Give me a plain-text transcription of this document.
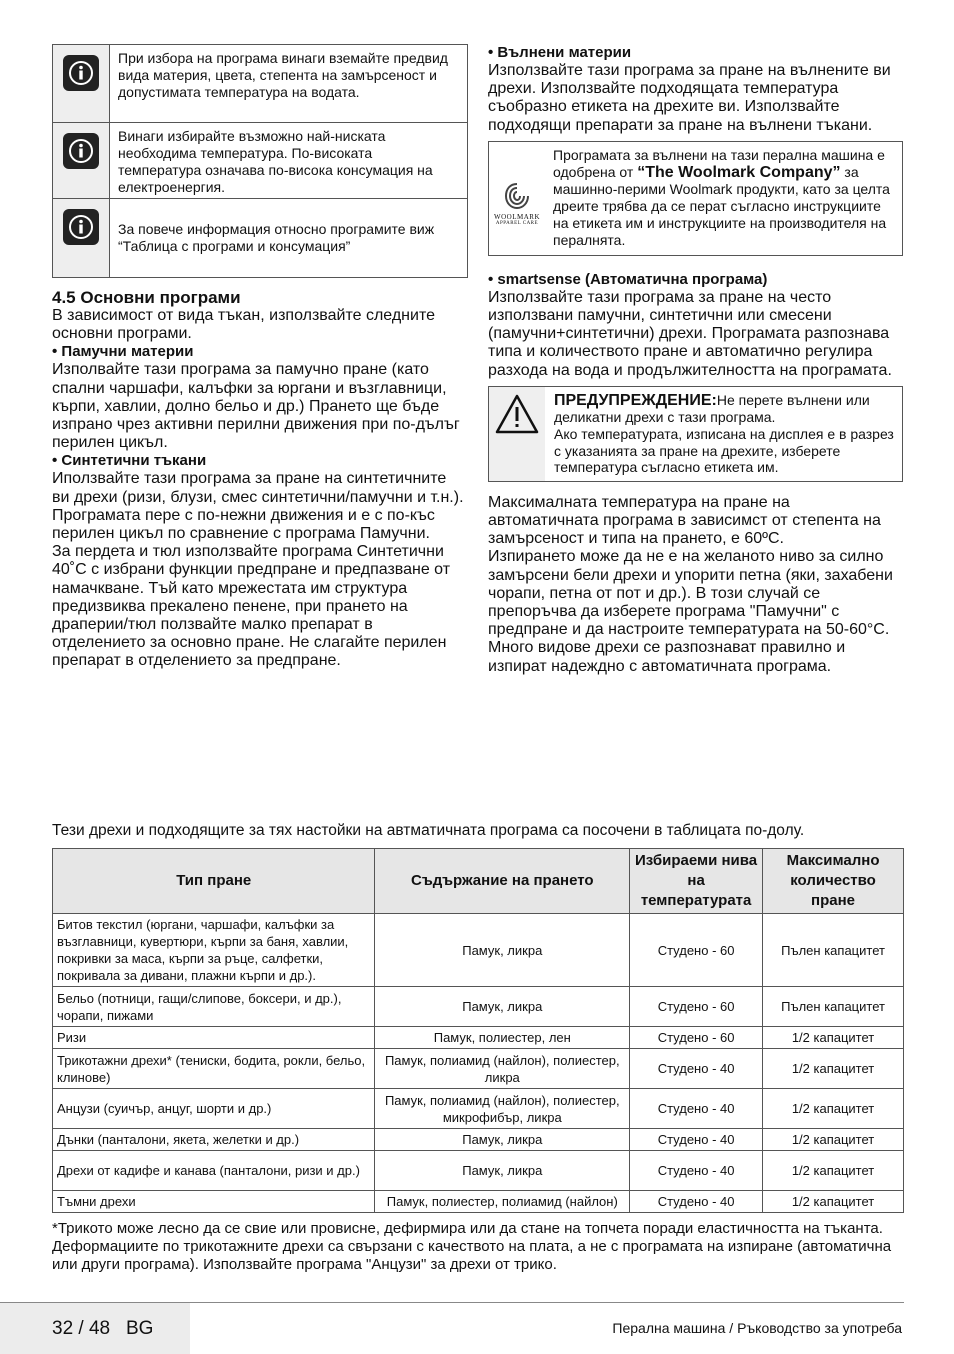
При избора на програма винаги вземайте предвид вида материя, цвета, степента на замърсеност и допустимата температура на водата.
Винаги избирайте възможно най-ниската необходима температура. По-високата температура означава по-висока консумация на електроенергия.
За повече информация относно програмите виж “Таблица с програми и консумация”
4.5 Основни програми

В зависимост от вида тъкан, използвайте следните основни програми.

• Памучни материи

Изполвайте тази програма за памучно пране (като спални чаршафи, калъфки за юргани и възглавници, кърпи, хавлии, долно бельо и др.) Прането ще бъде изпрано чрез активни перилни движения при по-дълъг перилен цикъл.

• Синтетични тъкани

Иползвайте тази програма за пране на синтетичните ви дрехи (ризи, блузи, смес синтетични/памучни и т.н.). Програмата пере с по-нежни движения и е с по-къс перилен цикъл по сравнение с програма Памучни.

За пердета и тюл използвайте програма Синтетични 40˚C с избрани функции предпране и предпазване от намачкване. Тъй като мрежестата им структура предизвиква прекалено пенене, при прането на драперии/тюл ползвайте малко препарат в отделението за основно пране. Не слагайте перилен препарат в отделението за предпране.

• Вълнени материи

Използвайте тази програма за пране на вълнените ви дрехи. Използвайте подходящата температура съобразно етикета на дрехите ви. Използвайте подходящи препарати за пране на вълнени тъкани.

WOOLMARK
APPAREL CARE
Програмата за вълнени на тази перална машина е одобрена от “The Woolmark Company” за машинно-перими Woolmark продукти, като за целта дреите трябва да се перат съгласно инструкциите на етикета им и инструкциите на производителя на пералнята.
• smartsense (Автоматична програма)

Използвайте тази програма за пране на често използвани памучни, синтетични или смесени (памучни+синтетични) дрехи. Програмата разпознава типа и количеството пране и автоматично регулира разхода на вода и продължителността на програмата.

ПРЕДУПРЕЖДЕНИЕ:Не перете вълнени или деликатни дрехи с тази програма.
Ако температурата, изписана на дисплея е в разрез с указанията за пране на дрехите, изберете температура съгласно етикета им.

Максималната температура на пране на автоматичната програма в зависимст от степента на замърсеност и типа на прането, е 60ºC.

Изпирането може да не е на желаното ниво за силно замърсени бели дрехи и упорити петна (яки, захабени чорапи, петна от пот и др.). В този случай се препоръчва да изберете програма "Памучни" с предпране и да настроите температурата на 50-60°C.

Много видове дрехи се разпознават правилно и изпират надеждно с автоматичната програма.

Тези дрехи и подходящите за тях настойки на автматичната програма са посочени в таблицата по-долу.
Тип пране	Съдържание на прането	Избираеми нива на температурата	Максимално количество пране
Битов текстил (юргани, чаршафи, калъфки за възглавници, кувертюри, кърпи за баня, хавлии, покривки за маса, кърпи за ръце, салфетки, покривала за дивани, плажни кърпи и др.).	Памук, ликра	Студено - 60	Пълен капацитет
Бельо (потници, гащи/слипове, боксери, и др.), чорапи, пижами	Памук, ликра	Студено - 60	Пълен капацитет
Ризи	Памук, полиестер, лен	Студено - 60	1/2 капацитет
Трикотажни дрехи* (тениски, бодита, рокли, бельо, клинове)	Памук, полиамид (найлон), полиестер, ликра	Студено - 40	1/2 капацитет
Анцузи (суичър, анцуг, шорти и др.)	Памук, полиамид (найлон), полиестер, микрофибър, ликра	Студено - 40	1/2 капацитет
Дънки (панталони, якета, желетки и др.)	Памук, ликра	Студено - 40	1/2 капацитет
Дрехи от кадифе и канава (панталони, ризи и др.)	Памук, ликра	Студено - 40	1/2 капацитет
Тъмни дрехи	Памук, полиестер, полиамид (найлон)	Студено - 40	1/2 капацитет
*Трикото може лесно да се свие или провисне, дефирмира или да стане на топчета поради еластичността на тъканта. Деформациите по трикотажните дрехи са свързани с качеството на плата, а не с програмата на изпиране (автоматична или други програма). Използвайте програма "Анцузи" за дрехи от трико.
32 / 48   BG	Перална машина / Ръководство за употреба
